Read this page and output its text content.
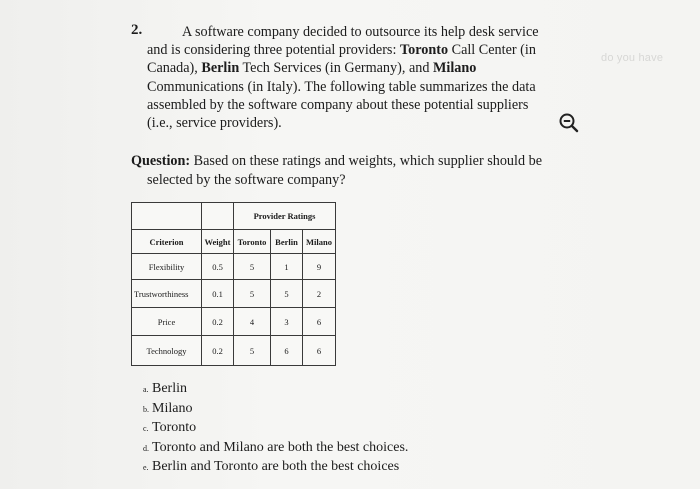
2.	A software company decided to outsource its help desk service and is considering three potential providers: Toronto Call Center (in Canada), Berlin Tech Services (in Germany), and Milano Communications (in Italy). The following table summarizes the data assembled by the software company about these potential suppliers (i.e., service providers).
do you have
Question: Based on these ratings and weights, which supplier should be selected by the software company?
		Provider Ratings		
Criterion	Weight	Toronto	Berlin	Milano
Flexibility	0.5	5	1	9
Trustworthiness	0.1	5	5	2
Price	0.2	4	3	6
Technology	0.2	5	6	6
a. Berlin
b. Milano
c. Toronto
d. Toronto and Milano are both the best choices.
e. Berlin and Toronto are both the best choices
